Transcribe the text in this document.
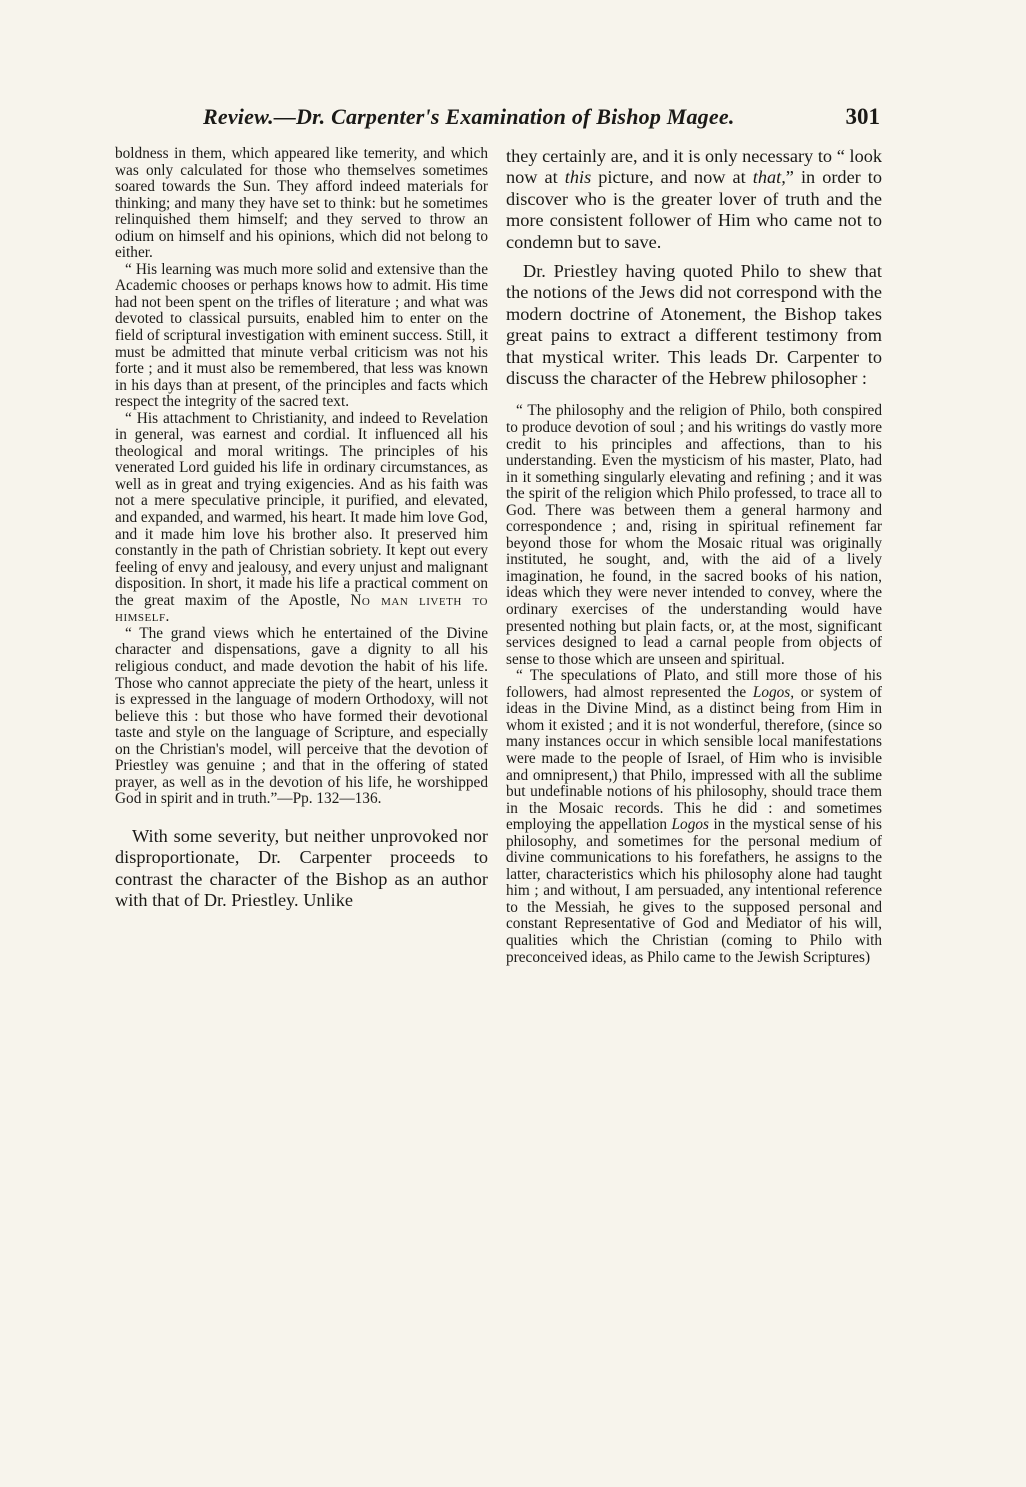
Review.—Dr. Carpenter's Examination of Bishop Magee.	301

boldness in them, which appeared like temerity, and which was only calculated for those who themselves sometimes soared towards the Sun. They afford indeed materials for thinking; and many they have set to think: but he sometimes relinquished them himself; and they served to throw an odium on himself and his opinions, which did not belong to either.

“ His learning was much more solid and extensive than the Academic chooses or perhaps knows how to admit. His time had not been spent on the trifles of literature ; and what was devoted to classical pursuits, enabled him to enter on the field of scriptural investigation with eminent success. Still, it must be admitted that minute verbal criticism was not his forte ; and it must also be remembered, that less was known in his days than at present, of the principles and facts which respect the integrity of the sacred text.

“ His attachment to Christianity, and indeed to Revelation in general, was earnest and cordial. It influenced all his theological and moral writings. The principles of his venerated Lord guided his life in ordinary circumstances, as well as in great and trying exigencies. And as his faith was not a mere speculative principle, it purified, and elevated, and expanded, and warmed, his heart. It made him love God, and it made him love his brother also. It preserved him constantly in the path of Christian sobriety. It kept out every feeling of envy and jealousy, and every unjust and malignant disposition. In short, it made his life a practical comment on the great maxim of the Apostle, No man liveth to himself.

“ The grand views which he entertained of the Divine character and dispensations, gave a dignity to all his religious conduct, and made devotion the habit of his life. Those who cannot appreciate the piety of the heart, unless it is expressed in the language of modern Orthodoxy, will not believe this : but those who have formed their devotional taste and style on the language of Scripture, and especially on the Christian's model, will perceive that the devotion of Priestley was genuine ; and that in the offering of stated prayer, as well as in the devotion of his life, he worshipped God in spirit and in truth.”—Pp. 132—136.

With some severity, but neither unprovoked nor disproportionate, Dr. Carpenter proceeds to contrast the character of the Bishop as an author with that of Dr. Priestley. Unlike

they certainly are, and it is only necessary to “ look now at this picture, and now at that,” in order to discover who is the greater lover of truth and the more consistent follower of Him who came not to condemn but to save.

Dr. Priestley having quoted Philo to shew that the notions of the Jews did not correspond with the modern doctrine of Atonement, the Bishop takes great pains to extract a different testimony from that mystical writer. This leads Dr. Carpenter to discuss the character of the Hebrew philosopher :

“ The philosophy and the religion of Philo, both conspired to produce devotion of soul ; and his writings do vastly more credit to his principles and affections, than to his understanding. Even the mysticism of his master, Plato, had in it something singularly elevating and refining ; and it was the spirit of the religion which Philo professed, to trace all to God. There was between them a general harmony and correspondence ; and, rising in spiritual refinement far beyond those for whom the Mosaic ritual was originally instituted, he sought, and, with the aid of a lively imagination, he found, in the sacred books of his nation, ideas which they were never intended to convey, where the ordinary exercises of the understanding would have presented nothing but plain facts, or, at the most, significant services designed to lead a carnal people from objects of sense to those which are unseen and spiritual.

“ The speculations of Plato, and still more those of his followers, had almost represented the Logos, or system of ideas in the Divine Mind, as a distinct being from Him in whom it existed ; and it is not wonderful, therefore, (since so many instances occur in which sensible local manifestations were made to the people of Israel, of Him who is invisible and omnipresent,) that Philo, impressed with all the sublime but undefinable notions of his philosophy, should trace them in the Mosaic records. This he did : and sometimes employing the appellation Logos in the mystical sense of his philosophy, and sometimes for the personal medium of divine communications to his forefathers, he assigns to the latter, characteristics which his philosophy alone had taught him ; and without, I am persuaded, any intentional reference to the Messiah, he gives to the supposed personal and constant Representative of God and Mediator of his will, qualities which the Christian (coming to Philo with preconceived ideas, as Philo came to the Jewish Scriptures)
